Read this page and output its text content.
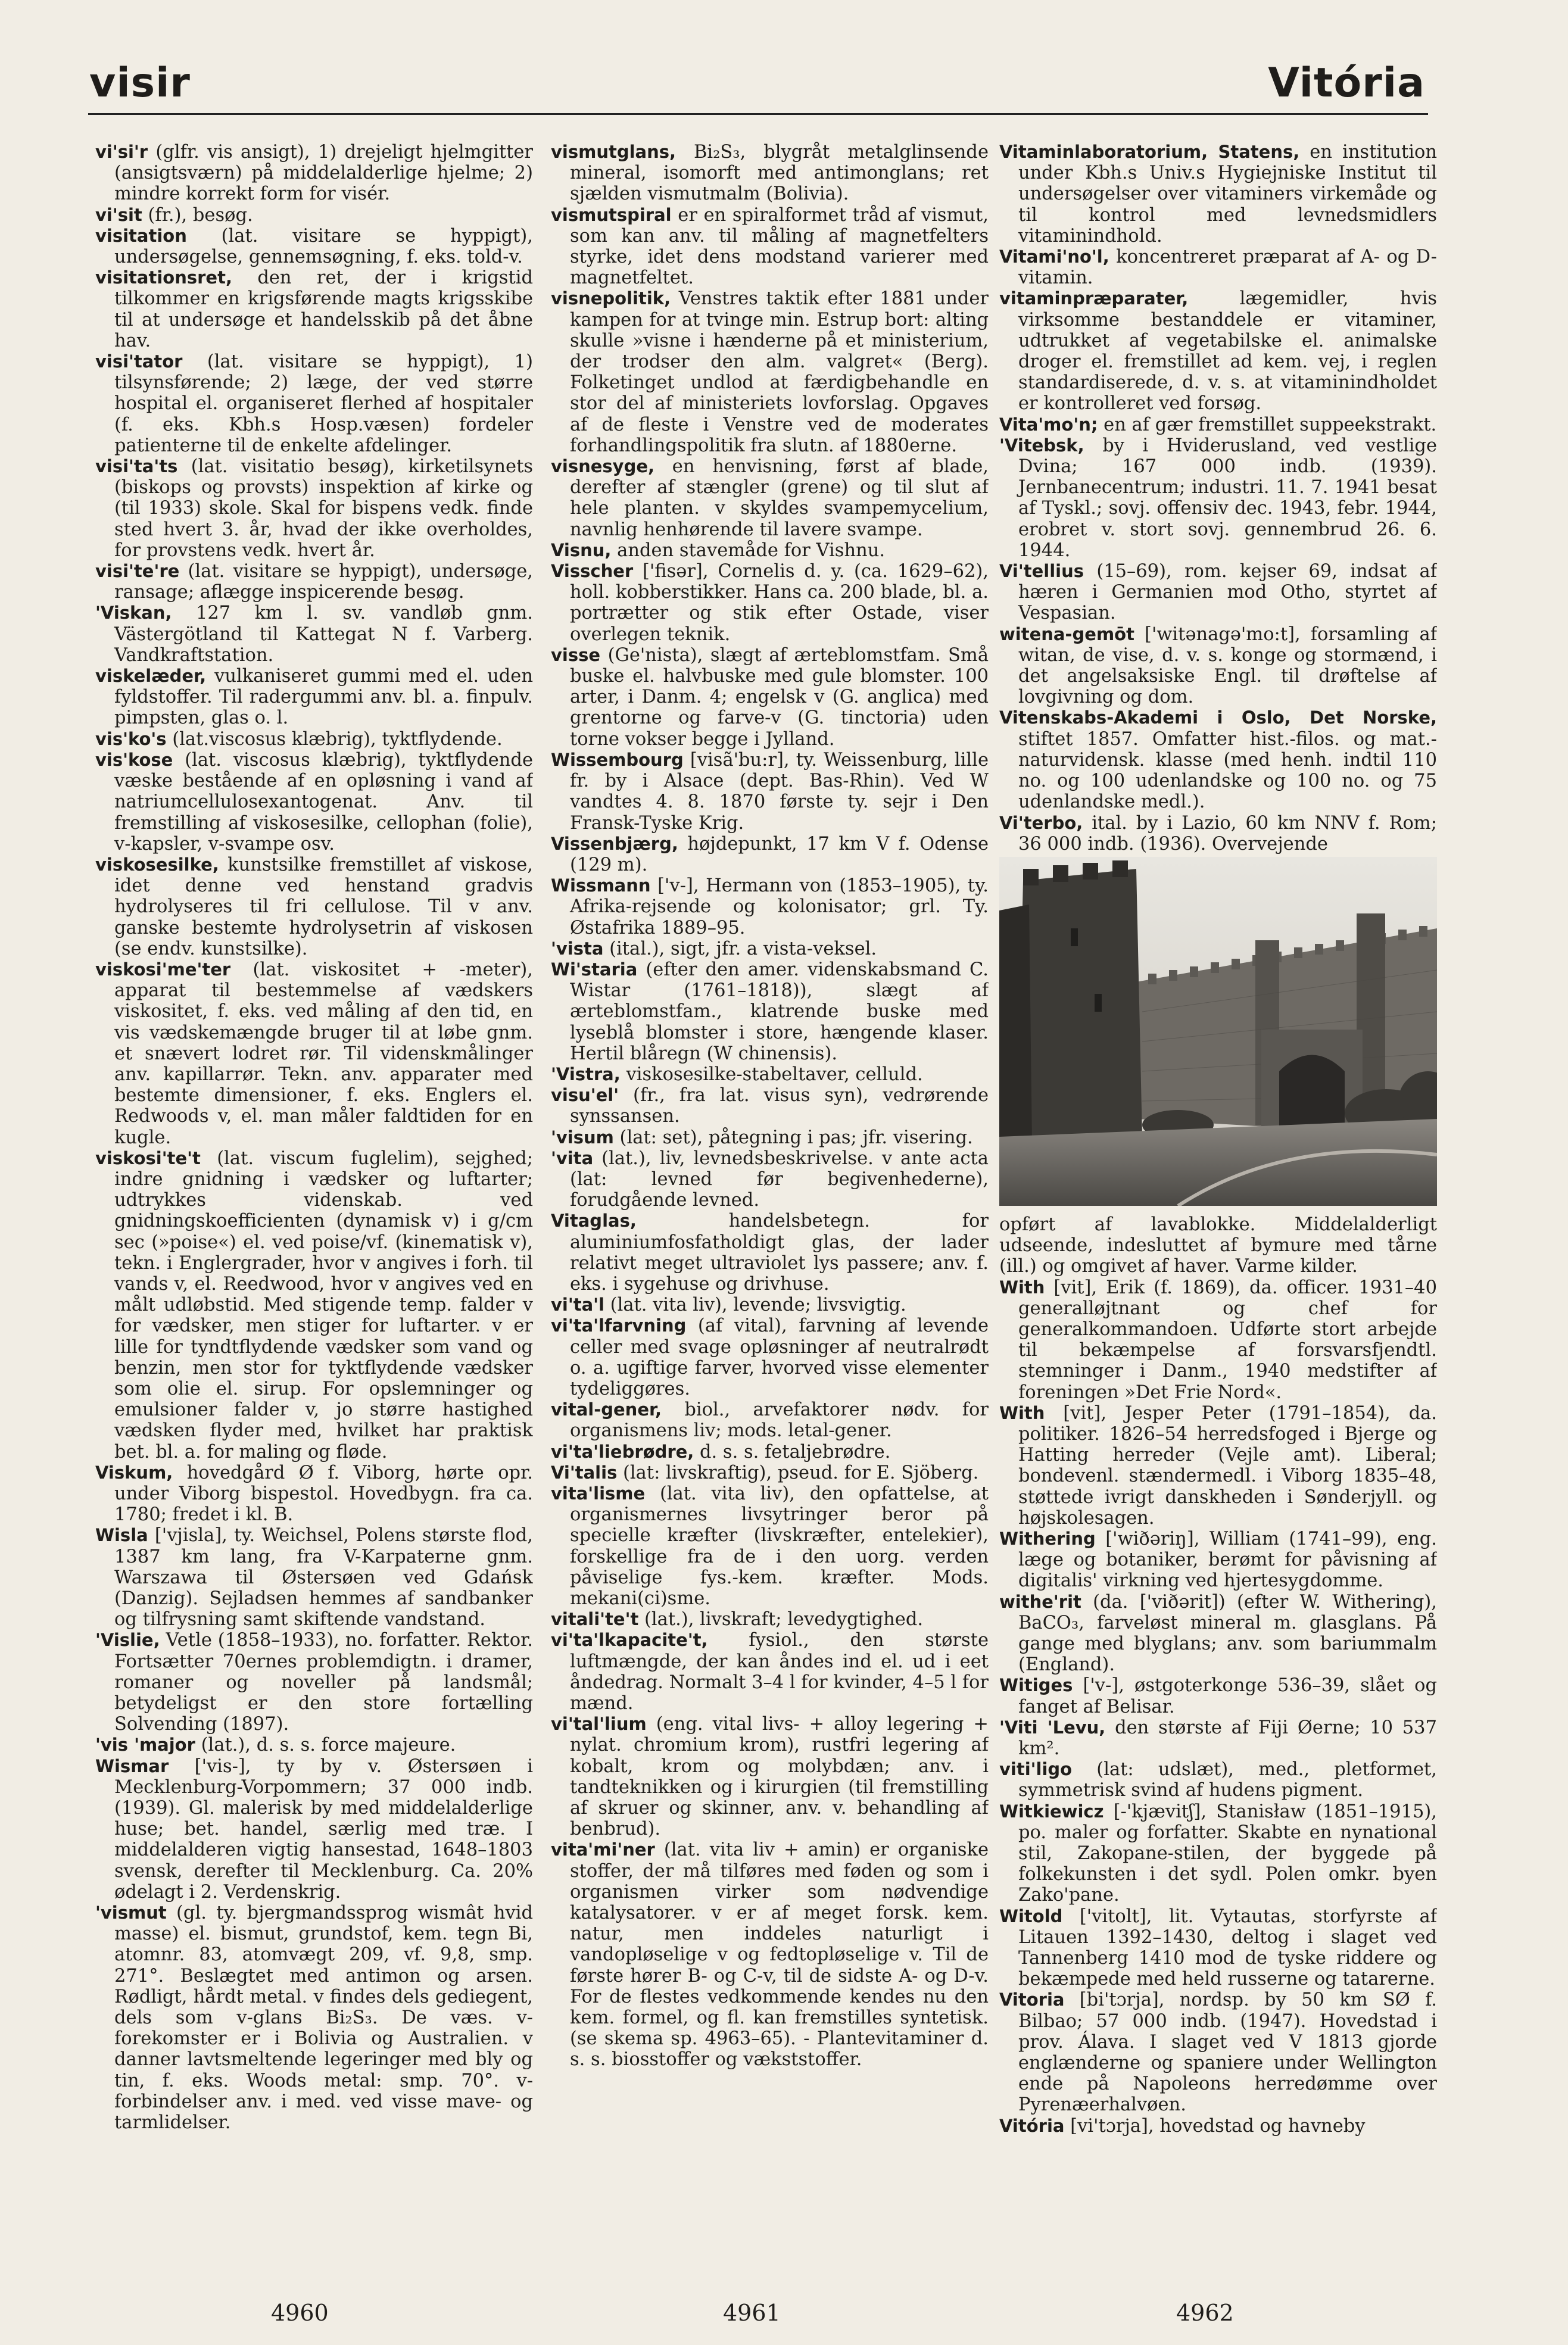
visir	Vitória

vi'si'r (glfr. vis ansigt), 1) drejeligt hjelmgitter (ansigtsværn) på middelalderlige hjelme; 2) mindre korrekt form for visér.

vi'sit (fr.), besøg.

visitation (lat. visitare se hyppigt), undersøgelse, gennemsøgning, f. eks. told-v.

visitationsret, den ret, der i krigstid tilkommer en krigsførende magts krigsskibe til at undersøge et handelsskib på det åbne hav.

visi'tator (lat. visitare se hyppigt), 1) tilsynsførende; 2) læge, der ved større hospital el. organiseret flerhed af hospitaler (f. eks. Kbh.s Hosp.væsen) fordeler patienterne til de enkelte afdelinger.

visi'ta'ts (lat. visitatio besøg), kirketilsynets (biskops og provsts) inspektion af kirke og (til 1933) skole. Skal for bispens vedk. finde sted hvert 3. år, hvad der ikke overholdes, for provstens vedk. hvert år.

visi'te're (lat. visitare se hyppigt), undersøge, ransage; aflægge inspicerende besøg.

'Viskan, 127 km l. sv. vandløb gnm. Västergötland til Kattegat N f. Varberg. Vandkraftstation.

viskelæder, vulkaniseret gummi med el. uden fyldstoffer. Til radergummi anv. bl. a. finpulv. pimpsten, glas o. l.

vis'ko's (lat.viscosus klæbrig), tyktflydende.

vis'kose (lat. viscosus klæbrig), tyktflydende væske bestående af en opløsning i vand af natriumcellulosexantogenat. Anv. til fremstilling af viskosesilke, cellophan (folie), v-kapsler, v-svampe osv.

viskosesilke, kunstsilke fremstillet af viskose, idet denne ved henstand gradvis hydrolyseres til fri cellulose. Til v anv. ganske bestemte hydrolysetrin af viskosen (se endv. kunstsilke).

viskosi'me'ter (lat. viskositet + -meter), apparat til bestemmelse af vædskers viskositet, f. eks. ved måling af den tid, en vis vædskemængde bruger til at løbe gnm. et snævert lodret rør. Til videnskmålinger anv. kapillarrør. Tekn. anv. apparater med bestemte dimensioner, f. eks. Englers el. Redwoods v, el. man måler faldtiden for en kugle.

viskosi'te't (lat. viscum fuglelim), sejghed; indre gnidning i vædsker og luftarter; udtrykkes videnskab. ved gnidningskoefficienten (dynamisk v) i g/cm sec (»poise«) el. ved poise/vf. (kinematisk v), tekn. i Englergrader, hvor v angives i forh. til vands v, el. Reedwood, hvor v angives ved en målt udløbstid. Med stigende temp. falder v for vædsker, men stiger for luftarter. v er lille for tyndtflydende vædsker som vand og benzin, men stor for tyktflydende vædsker som olie el. sirup. For opslemninger og emulsioner falder v, jo større hastighed vædsken flyder med, hvilket har praktisk bet. bl. a. for maling og fløde.

Viskum, hovedgård Ø f. Viborg, hørte opr. under Viborg bispestol. Hovedbygn. fra ca. 1780; fredet i kl. B.

Wisla ['vjisla], ty. Weichsel, Polens største flod, 1387 km lang, fra V-Karpaterne gnm. Warszawa til Østersøen ved Gdańsk (Danzig). Sejladsen hemmes af sandbanker og tilfrysning samt skiftende vandstand.

'Vislie, Vetle (1858–1933), no. forfatter. Rektor. Fortsætter 70ernes problemdigtn. i dramer, romaner og noveller på landsmål; betydeligst er den store fortælling Solvending (1897).

'vis 'major (lat.), d. s. s. force majeure.

Wismar ['vis-], ty by v. Østersøen i Mecklenburg-Vorpommern; 37 000 indb. (1939). Gl. malerisk by med middelalderlige huse; bet. handel, særlig med træ. I middelalderen vigtig hansestad, 1648–1803 svensk, derefter til Mecklenburg. Ca. 20% ødelagt i 2. Verdenskrig.

'vismut (gl. ty. bjergmandssprog wismât hvid masse) el. bismut, grundstof, kem. tegn Bi, atomnr. 83, atomvægt 209, vf. 9,8, smp. 271°. Beslægtet med antimon og arsen. Rødligt, hårdt metal. v findes dels gediegent, dels som v-glans Bi₂S₃. De væs. v-forekomster er i Bolivia og Australien. v danner lavtsmeltende legeringer med bly og tin, f. eks. Woods metal: smp. 70°. v-forbindelser anv. i med. ved visse mave- og tarmlidelser.

vismutglans, Bi₂S₃, blygråt metalglinsende mineral, isomorft med antimonglans; ret sjælden vismutmalm (Bolivia).

vismutspiral er en spiralformet tråd af vismut, som kan anv. til måling af magnetfelters styrke, idet dens modstand varierer med magnetfeltet.

visnepolitik, Venstres taktik efter 1881 under kampen for at tvinge min. Estrup bort: alting skulle »visne i hænderne på et ministerium, der trodser den alm. valgret« (Berg). Folketinget undlod at færdigbehandle en stor del af ministeriets lovforslag. Opgaves af de fleste i Venstre ved de moderates forhandlingspolitik fra slutn. af 1880erne.

visnesyge, en henvisning, først af blade, derefter af stængler (grene) og til slut af hele planten. v skyldes svampemycelium, navnlig henhørende til lavere svampe.

Visnu, anden stavemåde for Vishnu.

Visscher ['fisər], Cornelis d. y. (ca. 1629–62), holl. kobberstikker. Hans ca. 200 blade, bl. a. portrætter og stik efter Ostade, viser overlegen teknik.

visse (Ge'nista), slægt af ærteblomstfam. Små buske el. halvbuske med gule blomster. 100 arter, i Danm. 4; engelsk v (G. anglica) med grentorne og farve-v (G. tinctoria) uden torne vokser begge i Jylland.

Wissembourg [visã'bu:r], ty. Weissenburg, lille fr. by i Alsace (dept. Bas-Rhin). Ved W vandtes 4. 8. 1870 første ty. sejr i Den Fransk-Tyske Krig.

Vissenbjærg, højdepunkt, 17 km V f. Odense (129 m).

Wissmann ['v-], Hermann von (1853–1905), ty. Afrika-rejsende og kolonisator; grl. Ty. Østafrika 1889–95.

'vista (ital.), sigt, jfr. a vista-veksel.

Wi'staria (efter den amer. videnskabsmand C. Wistar (1761–1818)), slægt af ærteblomstfam., klatrende buske med lyseblå blomster i store, hængende klaser. Hertil blåregn (W chinensis).

'Vistra, viskosesilke-stabeltaver, celluld.

visu'el' (fr., fra lat. visus syn), vedrørende synssansen.

'visum (lat: set), påtegning i pas; jfr. visering.

'vita (lat.), liv, levnedsbeskrivelse. v ante acta (lat: levned før begivenhederne), forudgående levned.

Vitaglas, handelsbetegn. for aluminiumfosfatholdigt glas, der lader relativt meget ultraviolet lys passere; anv. f. eks. i sygehuse og drivhuse.

vi'ta'l (lat. vita liv), levende; livsvigtig.

vi'ta'lfarvning (af vital), farvning af levende celler med svage opløsninger af neutralrødt o. a. ugiftige farver, hvorved visse elementer tydeliggøres.

vital-gener, biol., arvefaktorer nødv. for organismens liv; mods. letal-gener.

vi'ta'liebrødre, d. s. s. fetaljebrødre.

Vi'talis (lat: livskraftig), pseud. for E. Sjöberg.

vita'lisme (lat. vita liv), den opfattelse, at organismernes livsytringer beror på specielle kræfter (livskræfter, entelekier), forskellige fra de i den uorg. verden påviselige fys.-kem. kræfter. Mods. mekani(ci)sme.

vitali'te't (lat.), livskraft; levedygtighed.

vi'ta'lkapacite't, fysiol., den største luftmængde, der kan åndes ind el. ud i eet åndedrag. Normalt 3–4 l for kvinder, 4–5 l for mænd.

vi'tal'lium (eng. vital livs- + alloy legering + nylat. chromium krom), rustfri legering af kobalt, krom og molybdæn; anv. i tandteknikken og i kirurgien (til fremstilling af skruer og skinner, anv. v. behandling af benbrud).

vita'mi'ner (lat. vita liv + amin) er organiske stoffer, der må tilføres med føden og som i organismen virker som nødvendige katalysatorer. v er af meget forsk. kem. natur, men inddeles naturligt i vandopløselige v og fedtopløselige v. Til de første hører B- og C-v, til de sidste A- og D-v. For de flestes vedkommende kendes nu den kem. formel, og fl. kan fremstilles syntetisk. (se skema sp. 4963–65). - Plantevitaminer d. s. s. biosstoffer og vækststoffer.

Vitaminlaboratorium, Statens, en institution under Kbh.s Univ.s Hygiejniske Institut til undersøgelser over vitaminers virkemåde og til kontrol med levnedsmidlers vitaminindhold.

Vitami'no'l, koncentreret præparat af A- og D-vitamin.

vitaminpræparater, lægemidler, hvis virksomme bestanddele er vitaminer, udtrukket af vegetabilske el. animalske droger el. fremstillet ad kem. vej, i reglen standardiserede, d. v. s. at vitaminindholdet er kontrolleret ved forsøg.

Vita'mo'n; en af gær fremstillet suppeekstrakt.

'Vitebsk, by i Hviderusland, ved vestlige Dvina; 167 000 indb. (1939). Jernbanecentrum; industri. 11. 7. 1941 besat af Tyskl.; sovj. offensiv dec. 1943, febr. 1944, erobret v. stort sovj. gennembrud 26. 6. 1944.

Vi'tellius (15–69), rom. kejser 69, indsat af hæren i Germanien mod Otho, styrtet af Vespasian.

witena-gemōt ['witənagə'mo:t], forsamling af witan, de vise, d. v. s. konge og stormænd, i det angelsaksiske Engl. til drøftelse af lovgivning og dom.

Vitenskabs-Akademi i Oslo, Det Norske, stiftet 1857. Omfatter hist.-filos. og mat.-naturvidensk. klasse (med henh. indtil 110 no. og 100 udenlandske og 100 no. og 75 udenlandske medl.).

Vi'terbo, ital. by i Lazio, 60 km NNV f. Rom; 36 000 indb. (1936). Overvejende

opført af lavablokke. Middelalderligt udseende, indesluttet af bymure med tårne (ill.) og omgivet af haver. Varme kilder.

With [vit], Erik (f. 1869), da. officer. 1931–40 generalløjtnant og chef for generalkommandoen. Udførte stort arbejde til bekæmpelse af forsvarsfjendtl. stemninger i Danm., 1940 medstifter af foreningen »Det Frie Nord«.

With [vit], Jesper Peter (1791–1854), da. politiker. 1826–54 herredsfoged i Bjerge og Hatting herreder (Vejle amt). Liberal; bondevenl. stændermedl. i Viborg 1835–48, støttede ivrigt danskheden i Sønderjyll. og højskolesagen.

Withering ['wiðəriŋ], William (1741–99), eng. læge og botaniker, berømt for påvisning af digitalis' virkning ved hjertesygdomme.

withe'rit (da. ['viðərit]) (efter W. Withering), BaCO₃, farveløst mineral m. glasglans. På gange med blyglans; anv. som bariummalm (England).

Witiges ['v-], østgoterkonge 536–39, slået og fanget af Belisar.

'Viti 'Levu, den største af Fiji Øerne; 10 537 km².

viti'ligo (lat: udslæt), med., pletformet, symmetrisk svind af hudens pigment.

Witkiewicz [-'kjævitʃ], Stanisław (1851–1915), po. maler og forfatter. Skabte en nynational stil, Zakopane-stilen, der byggede på folkekunsten i det sydl. Polen omkr. byen Zako'pane.

Witold ['vitolt], lit. Vytautas, storfyrste af Litauen 1392–1430, deltog i slaget ved Tannenberg 1410 mod de tyske riddere og bekæmpede med held russerne og tatarerne.

Vitoria [bi'tɔrja], nordsp. by 50 km SØ f. Bilbao; 57 000 indb. (1947). Hovedstad i prov. Álava. I slaget ved V 1813 gjorde englænderne og spaniere under Wellington ende på Napoleons herredømme over Pyrenæerhalvøen.

Vitória [vi'tɔrja], hovedstad og havneby

4960	4961	4962
